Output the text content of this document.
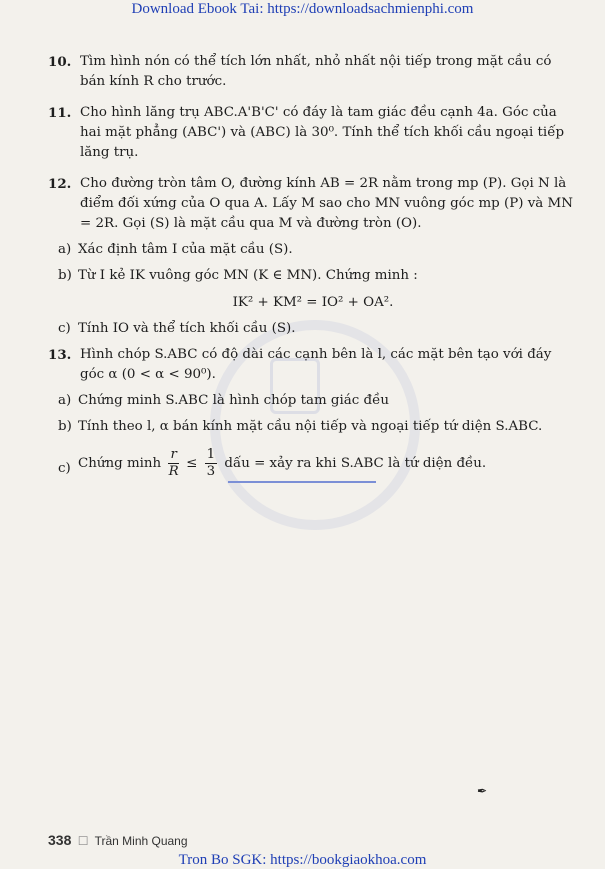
Download Ebook Tai: https://downloadsachmienphi.com
10. Tìm hình nón có thể tích lớn nhất, nhỏ nhất nội tiếp trong mặt cầu có bán kính R cho trước.
11. Cho hình lăng trụ ABC.A'B'C' có đáy là tam giác đều cạnh 4a. Góc của hai mặt phẳng (ABC') và (ABC) là 30⁰. Tính thể tích khối cầu ngoại tiếp lăng trụ.
12. Cho đường tròn tâm O, đường kính AB = 2R nằm trong mp (P). Gọi N là điểm đối xứng của O qua A. Lấy M sao cho MN vuông góc mp (P) và MN = 2R. Gọi (S) là mặt cầu qua M và đường tròn (O).
a) Xác định tâm I của mặt cầu (S).
b) Từ I kẻ IK vuông góc MN (K ∈ MN). Chứng minh :
IK² + KM² = IO² + OA².
c) Tính IO và thể tích khối cầu (S).
13. Hình chóp S.ABC có độ dài các cạnh bên là l, các mặt bên tạo với đáy góc α (0 < α < 90⁰).
a) Chứng minh S.ABC là hình chóp tam giác đều
b) Tính theo l, α bán kính mặt cầu nội tiếp và ngoại tiếp tứ diện S.ABC.
c) Chứng minh $\frac{r}{R} \le \frac{1}{3}$ dấu = xảy ra khi S.ABC là tứ diện đều.
✒
338 ☐ Trần Minh Quang
Tron Bo SGK: https://bookgiaokhoa.com
